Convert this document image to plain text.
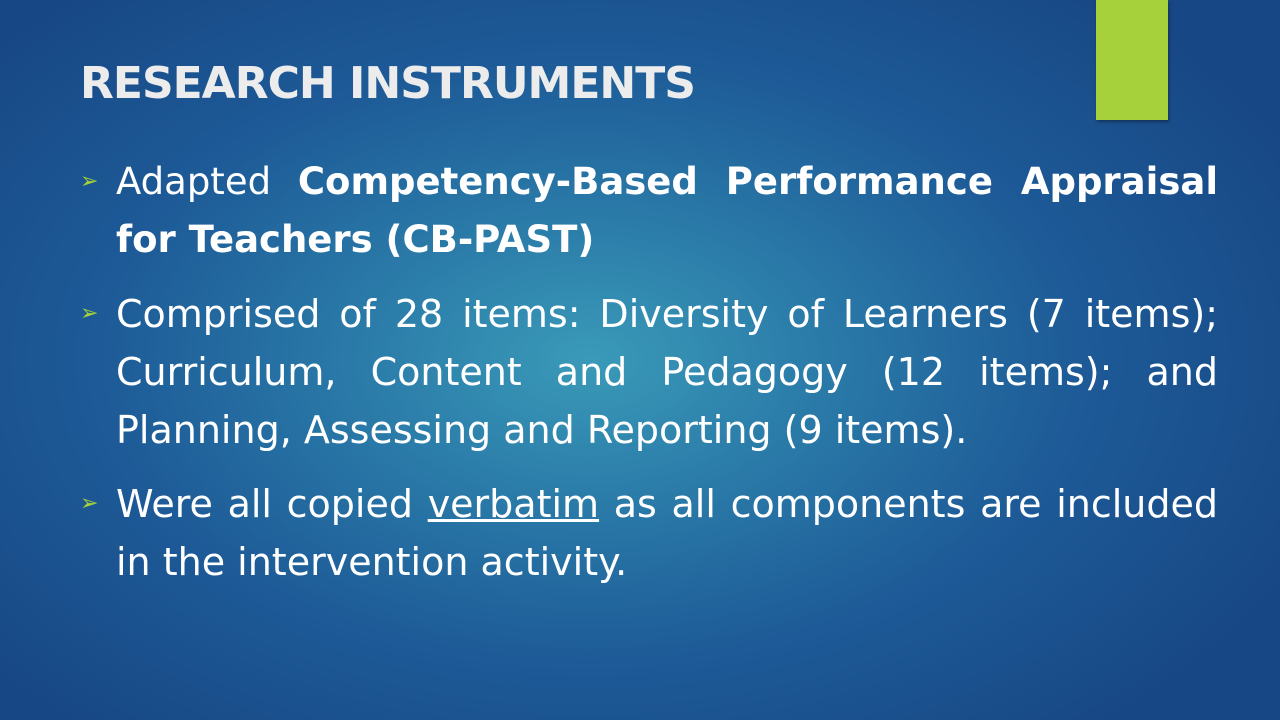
RESEARCH INSTRUMENTS
➢ Adapted Competency-Based Performance Appraisal for Teachers (CB-PAST)
➢ Comprised of 28 items: Diversity of Learners (7 items); Curriculum, Content and Pedagogy (12 items); and Planning, Assessing and Reporting (9 items).
➢ Were all copied verbatim as all components are included in the intervention activity.
